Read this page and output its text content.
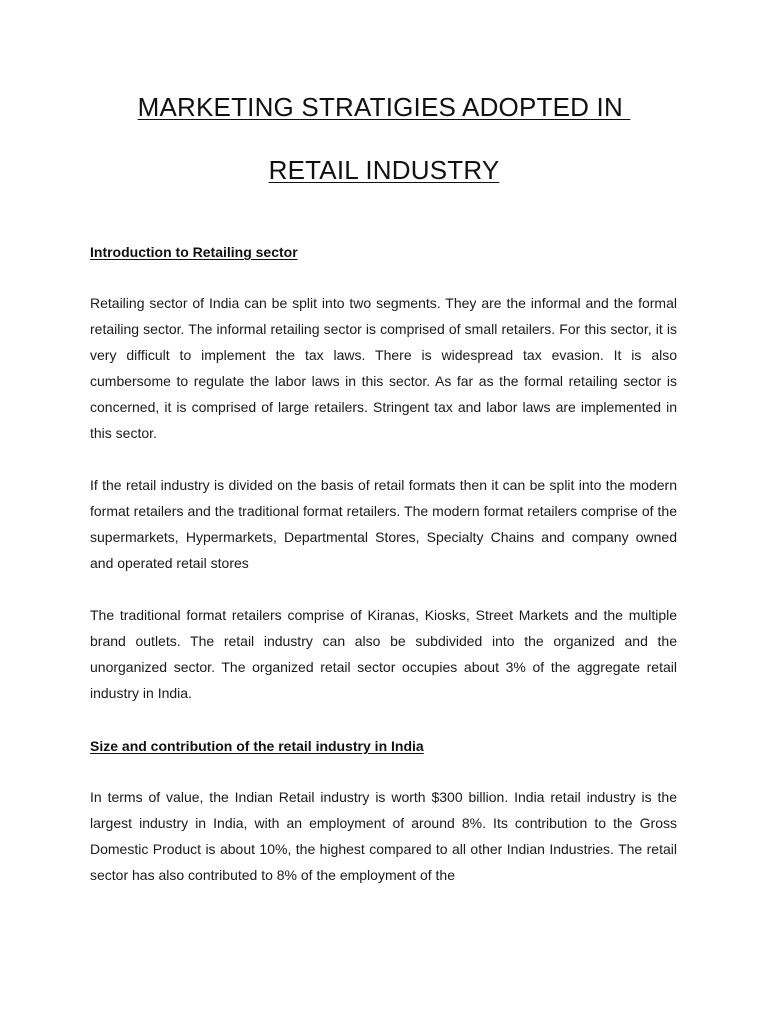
MARKETING STRATIGIES ADOPTED IN
RETAIL INDUSTRY
Introduction to Retailing sector

Retailing sector of India can be split into two segments. They are the informal and the formal retailing sector. The informal retailing sector is comprised of small retailers. For this sector, it is very difficult to implement the tax laws. There is widespread tax evasion. It is also cumbersome to regulate the labor laws in this sector. As far as the formal retailing sector is concerned, it is comprised of large retailers. Stringent tax and labor laws are implemented in this sector.

If the retail industry is divided on the basis of retail formats then it can be split into the modern format retailers and the traditional format retailers. The modern format retailers comprise of the supermarkets, Hypermarkets, Departmental Stores, Specialty Chains and company owned and operated retail stores

The traditional format retailers comprise of Kiranas, Kiosks, Street Markets and the multiple brand outlets. The retail industry can also be subdivided into the organized and the unorganized sector. The organized retail sector occupies about 3% of the aggregate retail industry in India.

Size and contribution of the retail industry in India

In terms of value, the Indian Retail industry is worth $300 billion. India retail industry is the largest industry in India, with an employment of around 8%. Its contribution to the Gross Domestic Product is about 10%, the highest compared to all other Indian Industries. The retail sector has also contributed to 8% of the employment of the
